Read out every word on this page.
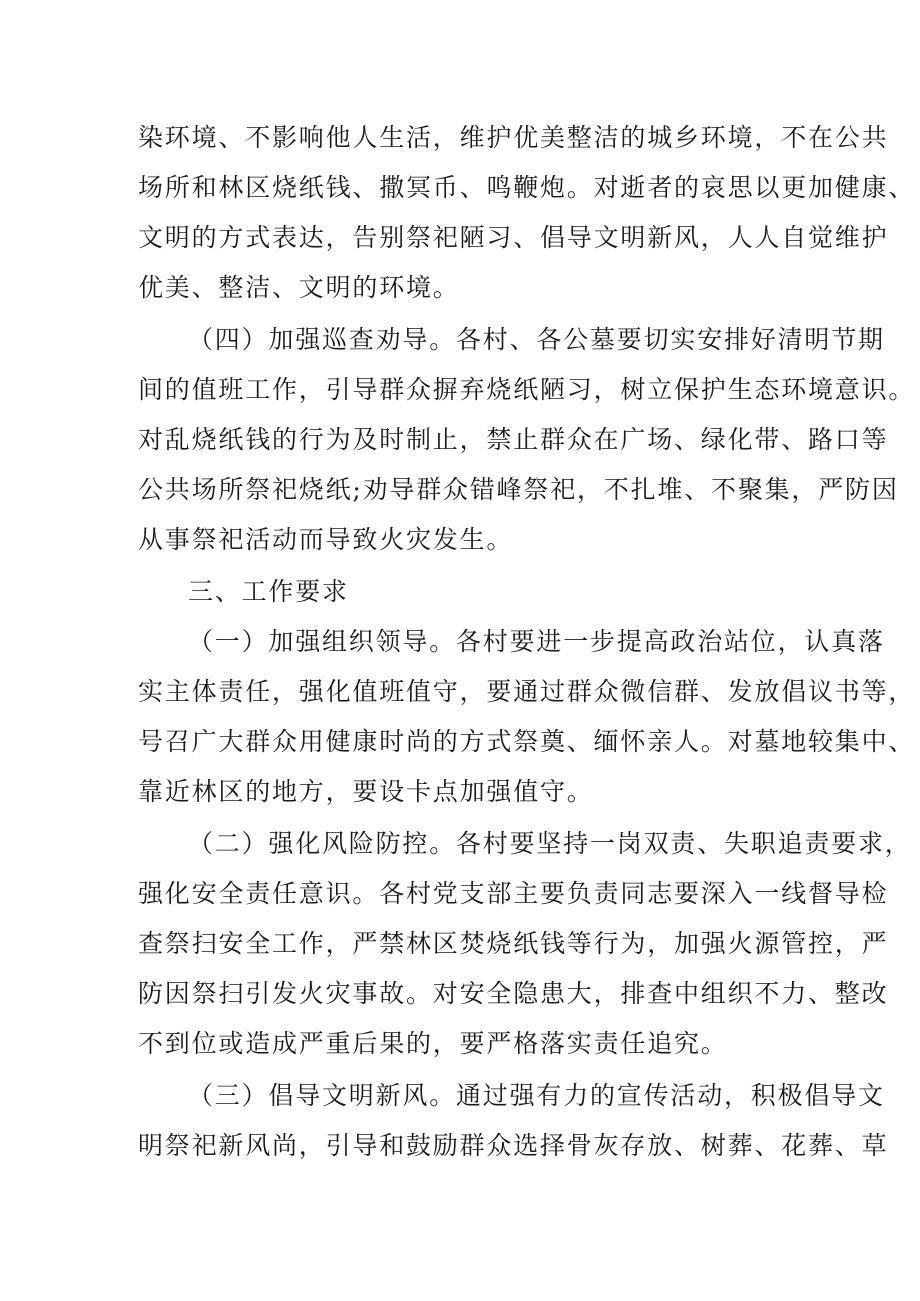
染环境、不影响他人生活，维护优美整洁的城乡环境，不在公共
场所和林区烧纸钱、撒冥币、鸣鞭炮。对逝者的哀思以更加健康、
文明的方式表达，告别祭祀陋习、倡导文明新风，人人自觉维护
优美、整洁、文明的环境。
（四）加强巡查劝导。各村、各公墓要切实安排好清明节期
间的值班工作，引导群众摒弃烧纸陋习，树立保护生态环境意识。
对乱烧纸钱的行为及时制止，禁止群众在广场、绿化带、路口等
公共场所祭祀烧纸;劝导群众错峰祭祀，不扎堆、不聚集，严防因
从事祭祀活动而导致火灾发生。
三、工作要求
（一）加强组织领导。各村要进一步提高政治站位，认真落
实主体责任，强化值班值守，要通过群众微信群、发放倡议书等，
号召广大群众用健康时尚的方式祭奠、缅怀亲人。对墓地较集中、
靠近林区的地方，要设卡点加强值守。
（二）强化风险防控。各村要坚持一岗双责、失职追责要求，
强化安全责任意识。各村党支部主要负责同志要深入一线督导检
查祭扫安全工作，严禁林区焚烧纸钱等行为，加强火源管控，严
防因祭扫引发火灾事故。对安全隐患大，排查中组织不力、整改
不到位或造成严重后果的，要严格落实责任追究。
（三）倡导文明新风。通过强有力的宣传活动，积极倡导文
明祭祀新风尚，引导和鼓励群众选择骨灰存放、树葬、花葬、草
